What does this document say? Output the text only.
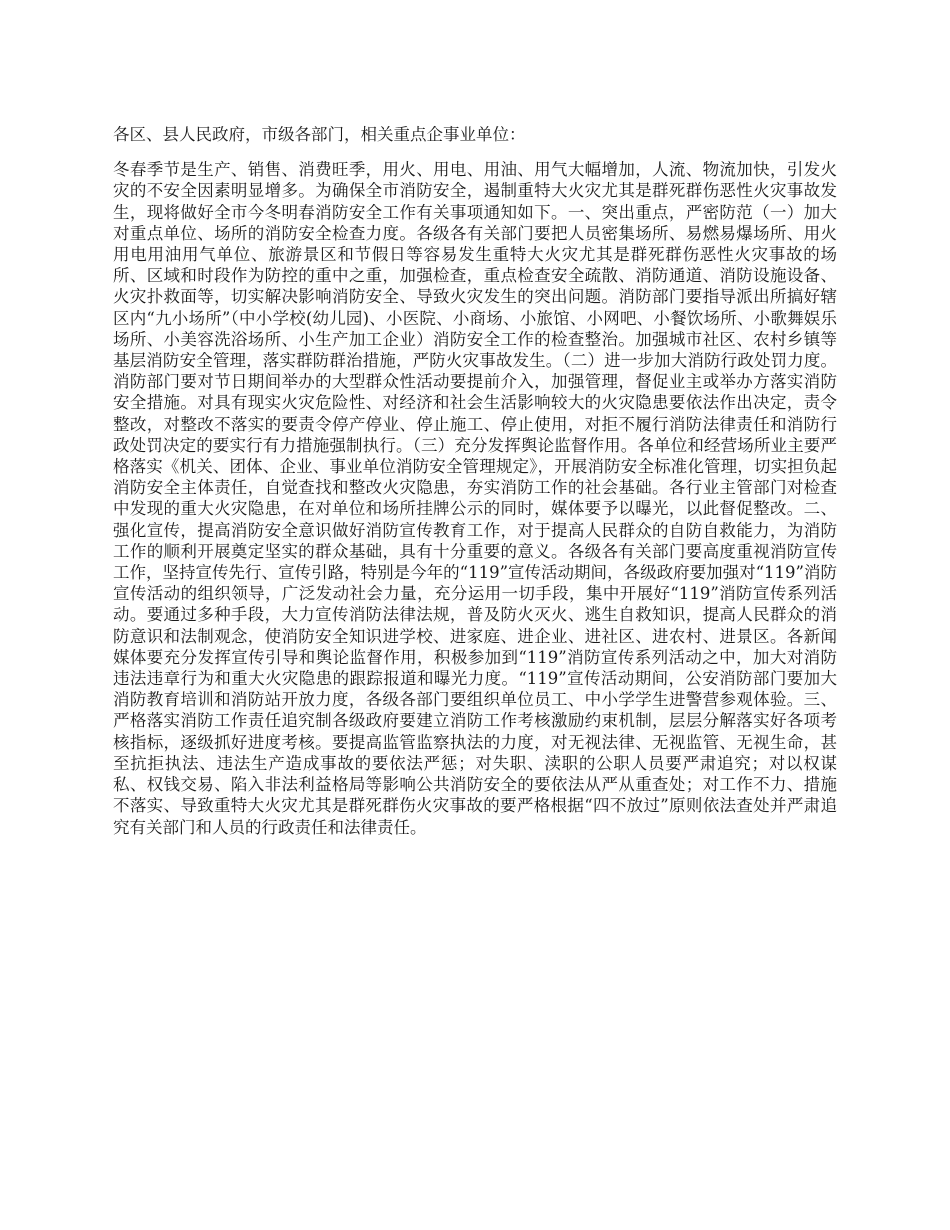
各区、县人民政府，市级各部门，相关重点企事业单位：

冬春季节是生产、销售、消费旺季，用火、用电、用油、用气大幅增加，人流、物流加快，引发火灾的不安全因素明显增多。为确保全市消防安全，遏制重特大火灾尤其是群死群伤恶性火灾事故发生，现将做好全市今冬明春消防安全工作有关事项通知如下。一、突出重点，严密防范（一）加大对重点单位、场所的消防安全检查力度。各级各有关部门要把人员密集场所、易燃易爆场所、用火用电用油用气单位、旅游景区和节假日等容易发生重特大火灾尤其是群死群伤恶性火灾事故的场所、区域和时段作为防控的重中之重，加强检查，重点检查安全疏散、消防通道、消防设施设备、火灾扑救面等，切实解决影响消防安全、导致火灾发生的突出问题。消防部门要指导派出所搞好辖区内“九小场所”（中小学校(幼儿园)、小医院、小商场、小旅馆、小网吧、小餐饮场所、小歌舞娱乐场所、小美容洗浴场所、小生产加工企业）消防安全工作的检查整治。加强城市社区、农村乡镇等基层消防安全管理，落实群防群治措施，严防火灾事故发生。（二）进一步加大消防行政处罚力度。消防部门要对节日期间举办的大型群众性活动要提前介入，加强管理，督促业主或举办方落实消防安全措施。对具有现实火灾危险性、对经济和社会生活影响较大的火灾隐患要依法作出决定，责令整改，对整改不落实的要责令停产停业、停止施工、停止使用，对拒不履行消防法律责任和消防行政处罚决定的要实行有力措施强制执行。（三）充分发挥舆论监督作用。各单位和经营场所业主要严格落实《机关、团体、企业、事业单位消防安全管理规定》，开展消防安全标准化管理，切实担负起消防安全主体责任，自觉查找和整改火灾隐患，夯实消防工作的社会基础。各行业主管部门对检查中发现的重大火灾隐患，在对单位和场所挂牌公示的同时，媒体要予以曝光，以此督促整改。二、强化宣传，提高消防安全意识做好消防宣传教育工作，对于提高人民群众的自防自救能力，为消防工作的顺利开展奠定坚实的群众基础，具有十分重要的意义。各级各有关部门要高度重视消防宣传工作，坚持宣传先行、宣传引路，特别是今年的“119”宣传活动期间，各级政府要加强对“119”消防宣传活动的组织领导，广泛发动社会力量，充分运用一切手段，集中开展好“119”消防宣传系列活动。要通过多种手段，大力宣传消防法律法规，普及防火灭火、逃生自救知识，提高人民群众的消防意识和法制观念，使消防安全知识进学校、进家庭、进企业、进社区、进农村、进景区。各新闻媒体要充分发挥宣传引导和舆论监督作用，积极参加到“119”消防宣传系列活动之中，加大对消防违法违章行为和重大火灾隐患的跟踪报道和曝光力度。“119”宣传活动期间，公安消防部门要加大消防教育培训和消防站开放力度，各级各部门要组织单位员工、中小学学生进警营参观体验。三、严格落实消防工作责任追究制各级政府要建立消防工作考核激励约束机制，层层分解落实好各项考核指标，逐级抓好进度考核。要提高监管监察执法的力度，对无视法律、无视监管、无视生命，甚至抗拒执法、违法生产造成事故的要依法严惩；对失职、渎职的公职人员要严肃追究；对以权谋私、权钱交易、陷入非法利益格局等影响公共消防安全的要依法从严从重查处；对工作不力、措施不落实、导致重特大火灾尤其是群死群伤火灾事故的要严格根据“四不放过”原则依法查处并严肃追究有关部门和人员的行政责任和法律责任。
